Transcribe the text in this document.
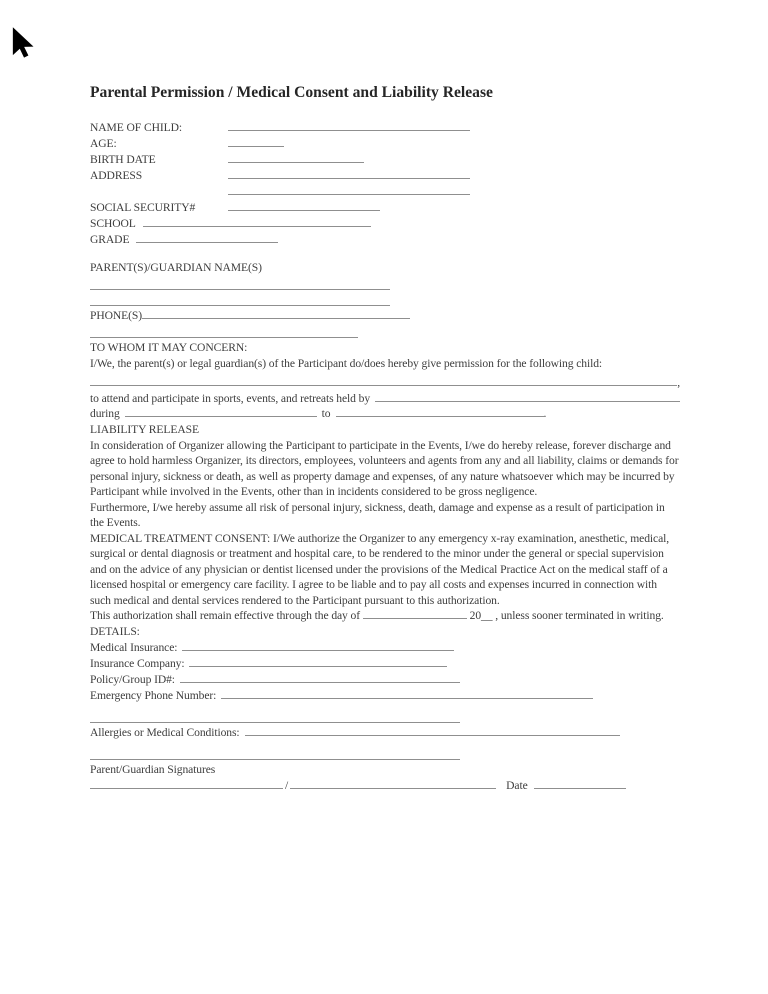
Parental Permission / Medical Consent and Liability Release
NAME OF CHILD:
AGE:
BIRTH DATE
ADDRESS
SOCIAL SECURITY#
SCHOOL
GRADE
PARENT(S)/GUARDIAN NAME(S)
PHONE(S)
TO WHOM IT MAY CONCERN:

I/We, the parent(s) or legal guardian(s) of the Participant do/does hereby give permission for the following child:

,
to attend and participate in sports, events, and retreats held by
during	to	.
LIABILITY RELEASE

In consideration of Organizer allowing the Participant to participate in the Events, I/we do hereby release, forever discharge and agree to hold harmless Organizer, its directors, employees, volunteers and agents from any and all liability, claims or demands for personal injury, sickness or death, as well as property damage and expenses, of any nature whatsoever which may be incurred by Participant while involved in the Events, other than in incidents considered to be gross negligence.

Furthermore, I/we hereby assume all risk of personal injury, sickness, death, damage and expense as a result of participation in the Events.

MEDICAL TREATMENT CONSENT: I/We authorize the Organizer to any emergency x-ray examination, anesthetic, medical, surgical or dental diagnosis or treatment and hospital care, to be rendered to the minor under the general or special supervision and on the advice of any physician or dentist licensed under the provisions of the Medical Practice Act on the medical staff of a licensed hospital or emergency care facility. I agree to be liable and to pay all costs and expenses incurred in connection with such medical and dental services rendered to the Participant pursuant to this authorization.

This authorization shall remain effective through the day of	20__ , unless sooner terminated in writing.

DETAILS:
Medical Insurance:
Insurance Company:
Policy/Group ID#:
Emergency Phone Number:
Allergies or Medical Conditions:
Parent/Guardian Signatures
/	Date
